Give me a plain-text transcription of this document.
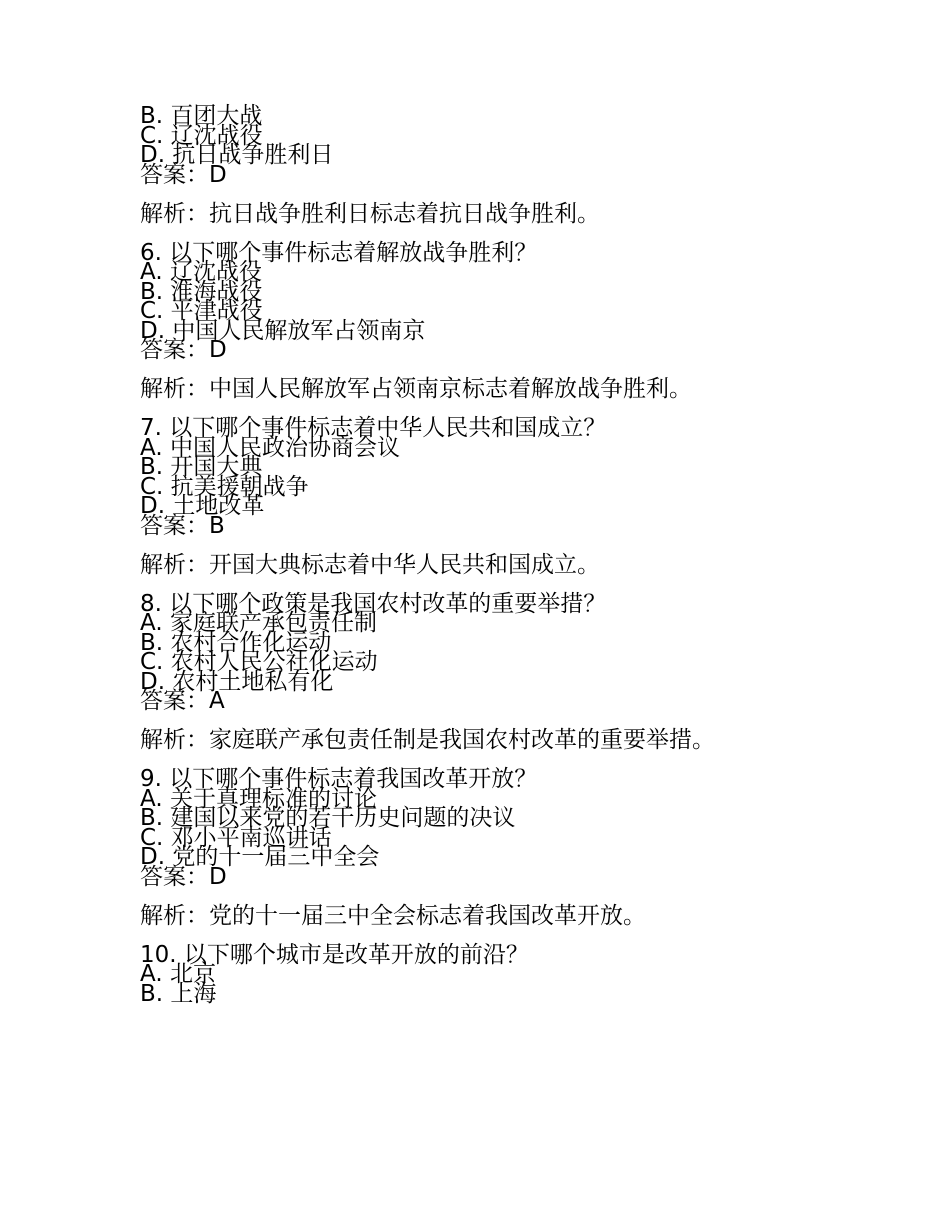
B. 百团大战
C. 辽沈战役
D. 抗日战争胜利日
答案：D
解析：抗日战争胜利日标志着抗日战争胜利。
6. 以下哪个事件标志着解放战争胜利？
A. 辽沈战役
B. 淮海战役
C. 平津战役
D. 中国人民解放军占领南京
答案：D
解析：中国人民解放军占领南京标志着解放战争胜利。
7. 以下哪个事件标志着中华人民共和国成立？
A. 中国人民政治协商会议
B. 开国大典
C. 抗美援朝战争
D. 土地改革
答案：B
解析：开国大典标志着中华人民共和国成立。
8. 以下哪个政策是我国农村改革的重要举措？
A. 家庭联产承包责任制
B. 农村合作化运动
C. 农村人民公社化运动
D. 农村土地私有化
答案：A
解析：家庭联产承包责任制是我国农村改革的重要举措。
9. 以下哪个事件标志着我国改革开放？
A. 关于真理标准的讨论
B. 建国以来党的若干历史问题的决议
C. 邓小平南巡讲话
D. 党的十一届三中全会
答案：D
解析：党的十一届三中全会标志着我国改革开放。
10. 以下哪个城市是改革开放的前沿？
A. 北京
B. 上海
